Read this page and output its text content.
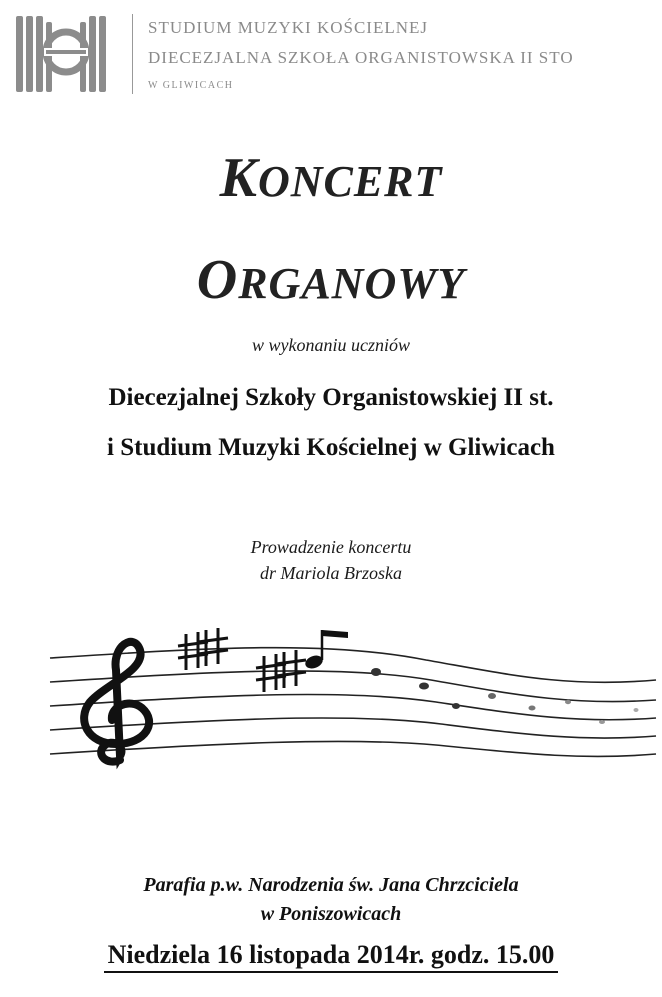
STUDIUM MUZYKI KOŚCIELNEJ
DIECEZJALNA SZKOŁA ORGANISTOWSKA II STO
W GLIWICACH
KONCERT
ORGANOWY
w wykonaniu uczniów
Diecezjalnej Szkoły Organistowskiej II st.
i Studium Muzyki Kościelnej w Gliwicach
Prowadzenie koncertu
dr Mariola Brzoska
Parafia p.w. Narodzenia św. Jana Chrzciciela
w Poniszowicach
Niedziela 16 listopada 2014r. godz. 15.00
